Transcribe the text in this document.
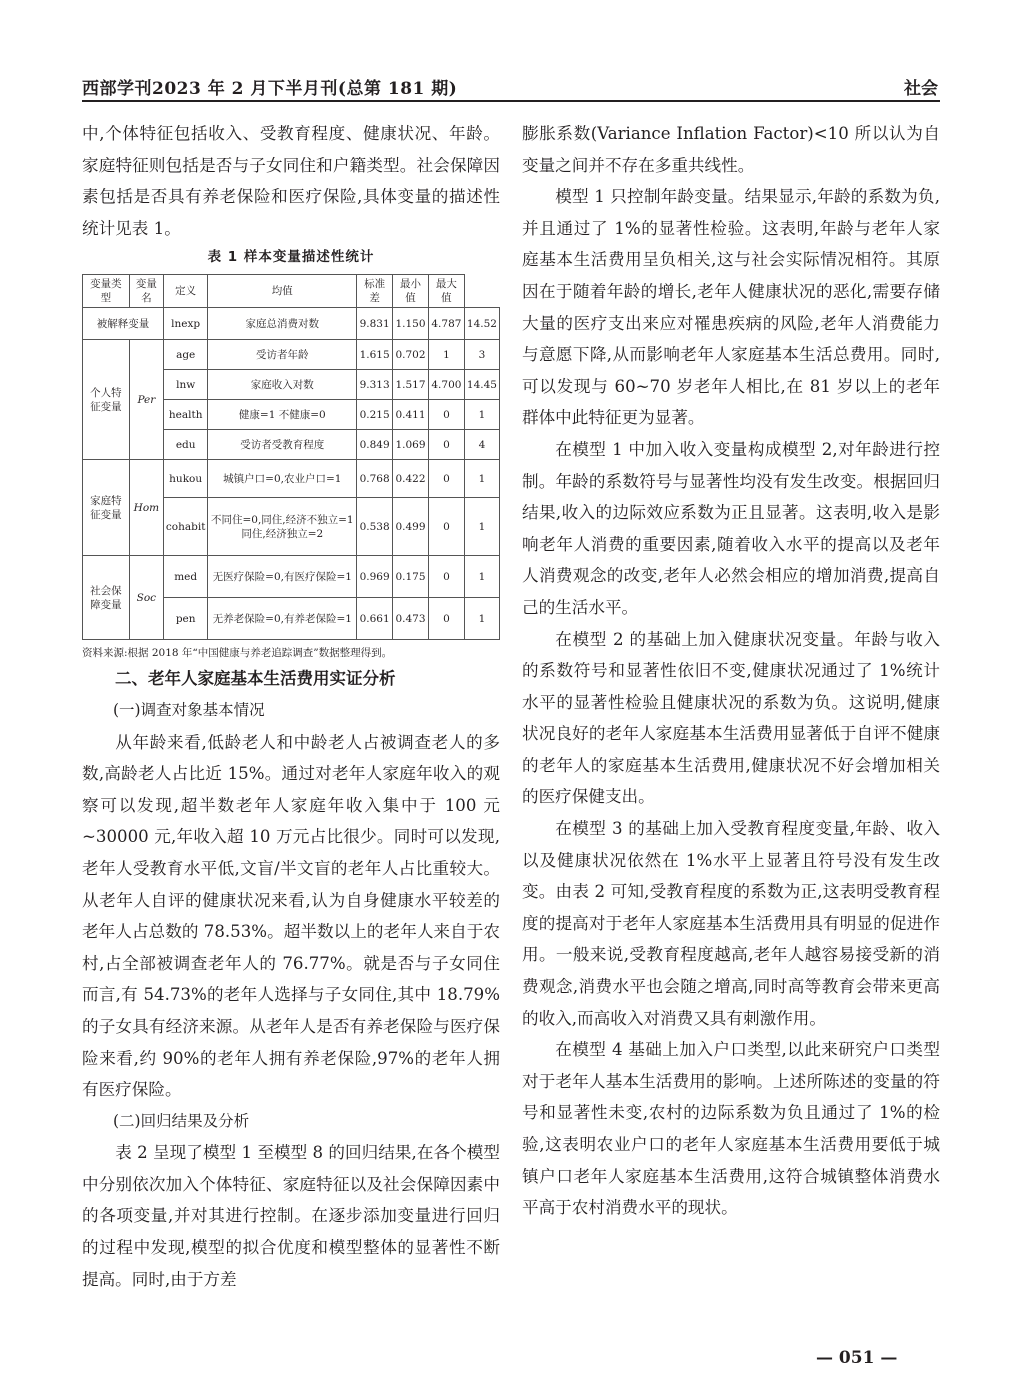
西部学刊2023 年 2 月下半月刊(总第 181 期)	社会

中,个体特征包括收入、受教育程度、健康状况、年龄。家庭特征则包括是否与子女同住和户籍类型。社会保障因素包括是否具有养老保险和医疗保险,具体变量的描述性统计见表 1。

表 1 样本变量描述性统计
变量类型	变量名	定义	均值	标准差	最小值	最大值	
被解释变量		lnexp	家庭总消费对数	9.831	1.150	4.787	14.52
个人特征变量	Per	age	受访者年龄	1.615	0.702	1	3
		lnw	家庭收入对数	9.313	1.517	4.700	14.45
		health	健康=1 不健康=0	0.215	0.411	0	1
		edu	受访者受教育程度	0.849	1.069	0	4
家庭特征变量	Hom	hukou	城镇户口=0,农业户口=1	0.768	0.422	0	1
		cohabit	不同住=0,同住,经济不独立=1 同住,经济独立=2	0.538	0.499	0	1
社会保障变量	Soc	med	无医疗保险=0,有医疗保险=1	0.969	0.175	0	1
		pen	无养老保险=0,有养老保险=1	0.661	0.473	0	1
资料来源:根据 2018 年“中国健康与养老追踪调查”数据整理得到。

二、老年人家庭基本生活费用实证分析

(一)调查对象基本情况

从年龄来看,低龄老人和中龄老人占被调查老人的多数,高龄老人占比近 15%。通过对老年人家庭年收入的观察可以发现,超半数老年人家庭年收入集中于 100 元~30000 元,年收入超 10 万元占比很少。同时可以发现,老年人受教育水平低,文盲/半文盲的老年人占比重较大。从老年人自评的健康状况来看,认为自身健康水平较差的老年人占总数的 78.53%。超半数以上的老年人来自于农村,占全部被调查老年人的 76.77%。就是否与子女同住而言,有 54.73%的老年人选择与子女同住,其中 18.79%的子女具有经济来源。从老年人是否有养老保险与医疗保险来看,约 90%的老年人拥有养老保险,97%的老年人拥有医疗保险。

(二)回归结果及分析

表 2 呈现了模型 1 至模型 8 的回归结果,在各个模型中分别依次加入个体特征、家庭特征以及社会保障因素中的各项变量,并对其进行控制。在逐步添加变量进行回归的过程中发现,模型的拟合优度和模型整体的显著性不断提高。同时,由于方差

膨胀系数(Variance Inflation Factor)<10 所以认为自变量之间并不存在多重共线性。

模型 1 只控制年龄变量。结果显示,年龄的系数为负,并且通过了 1%的显著性检验。这表明,年龄与老年人家庭基本生活费用呈负相关,这与社会实际情况相符。其原因在于随着年龄的增长,老年人健康状况的恶化,需要存储大量的医疗支出来应对罹患疾病的风险,老年人消费能力与意愿下降,从而影响老年人家庭基本生活总费用。同时,可以发现与 60~70 岁老年人相比,在 81 岁以上的老年群体中此特征更为显著。

在模型 1 中加入收入变量构成模型 2,对年龄进行控制。年龄的系数符号与显著性均没有发生改变。根据回归结果,收入的边际效应系数为正且显著。这表明,收入是影响老年人消费的重要因素,随着收入水平的提高以及老年人消费观念的改变,老年人必然会相应的增加消费,提高自己的生活水平。

在模型 2 的基础上加入健康状况变量。年龄与收入的系数符号和显著性依旧不变,健康状况通过了 1%统计水平的显著性检验且健康状况的系数为负。这说明,健康状况良好的老年人家庭基本生活费用显著低于自评不健康的老年人的家庭基本生活费用,健康状况不好会增加相关的医疗保健支出。

在模型 3 的基础上加入受教育程度变量,年龄、收入以及健康状况依然在 1%水平上显著且符号没有发生改变。由表 2 可知,受教育程度的系数为正,这表明受教育程度的提高对于老年人家庭基本生活费用具有明显的促进作用。一般来说,受教育程度越高,老年人越容易接受新的消费观念,消费水平也会随之增高,同时高等教育会带来更高的收入,而高收入对消费又具有刺激作用。

在模型 4 基础上加入户口类型,以此来研究户口类型对于老年人基本生活费用的影响。上述所陈述的变量的符号和显著性未变,农村的边际系数为负且通过了 1%的检验,这表明农业户口的老年人家庭基本生活费用要低于城镇户口老年人家庭基本生活费用,这符合城镇整体消费水平高于农村消费水平的现状。

— 051 —
